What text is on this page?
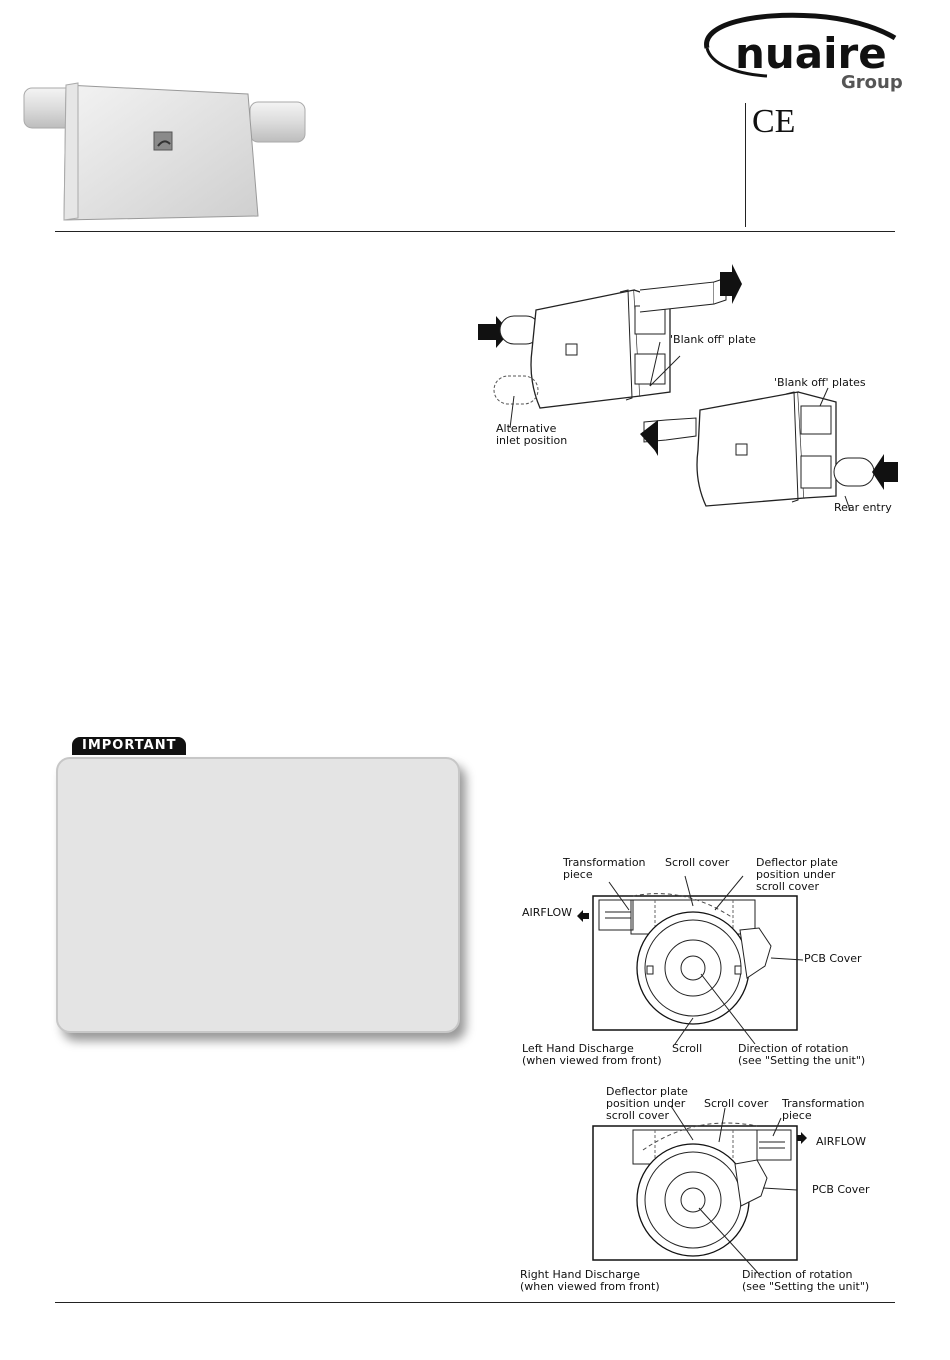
nuaire
Group
CE
'Blank off' plate
'Blank off' plates
Alternative
inlet position
Rear entry
IMPORTANT
Transformation
piece
Scroll cover Deflector plate
position under
scroll cover
AIRFLOW
PCB Cover
Left Hand Discharge
(when viewed from front)
Scroll	Direction of rotation
(see "Setting the unit")
Deflector plate
position under
scroll cover
Scroll cover Transformation
piece
AIRFLOW
PCB Cover
Right Hand Discharge
(when viewed from front)
Direction of rotation
(see "Setting the unit")
